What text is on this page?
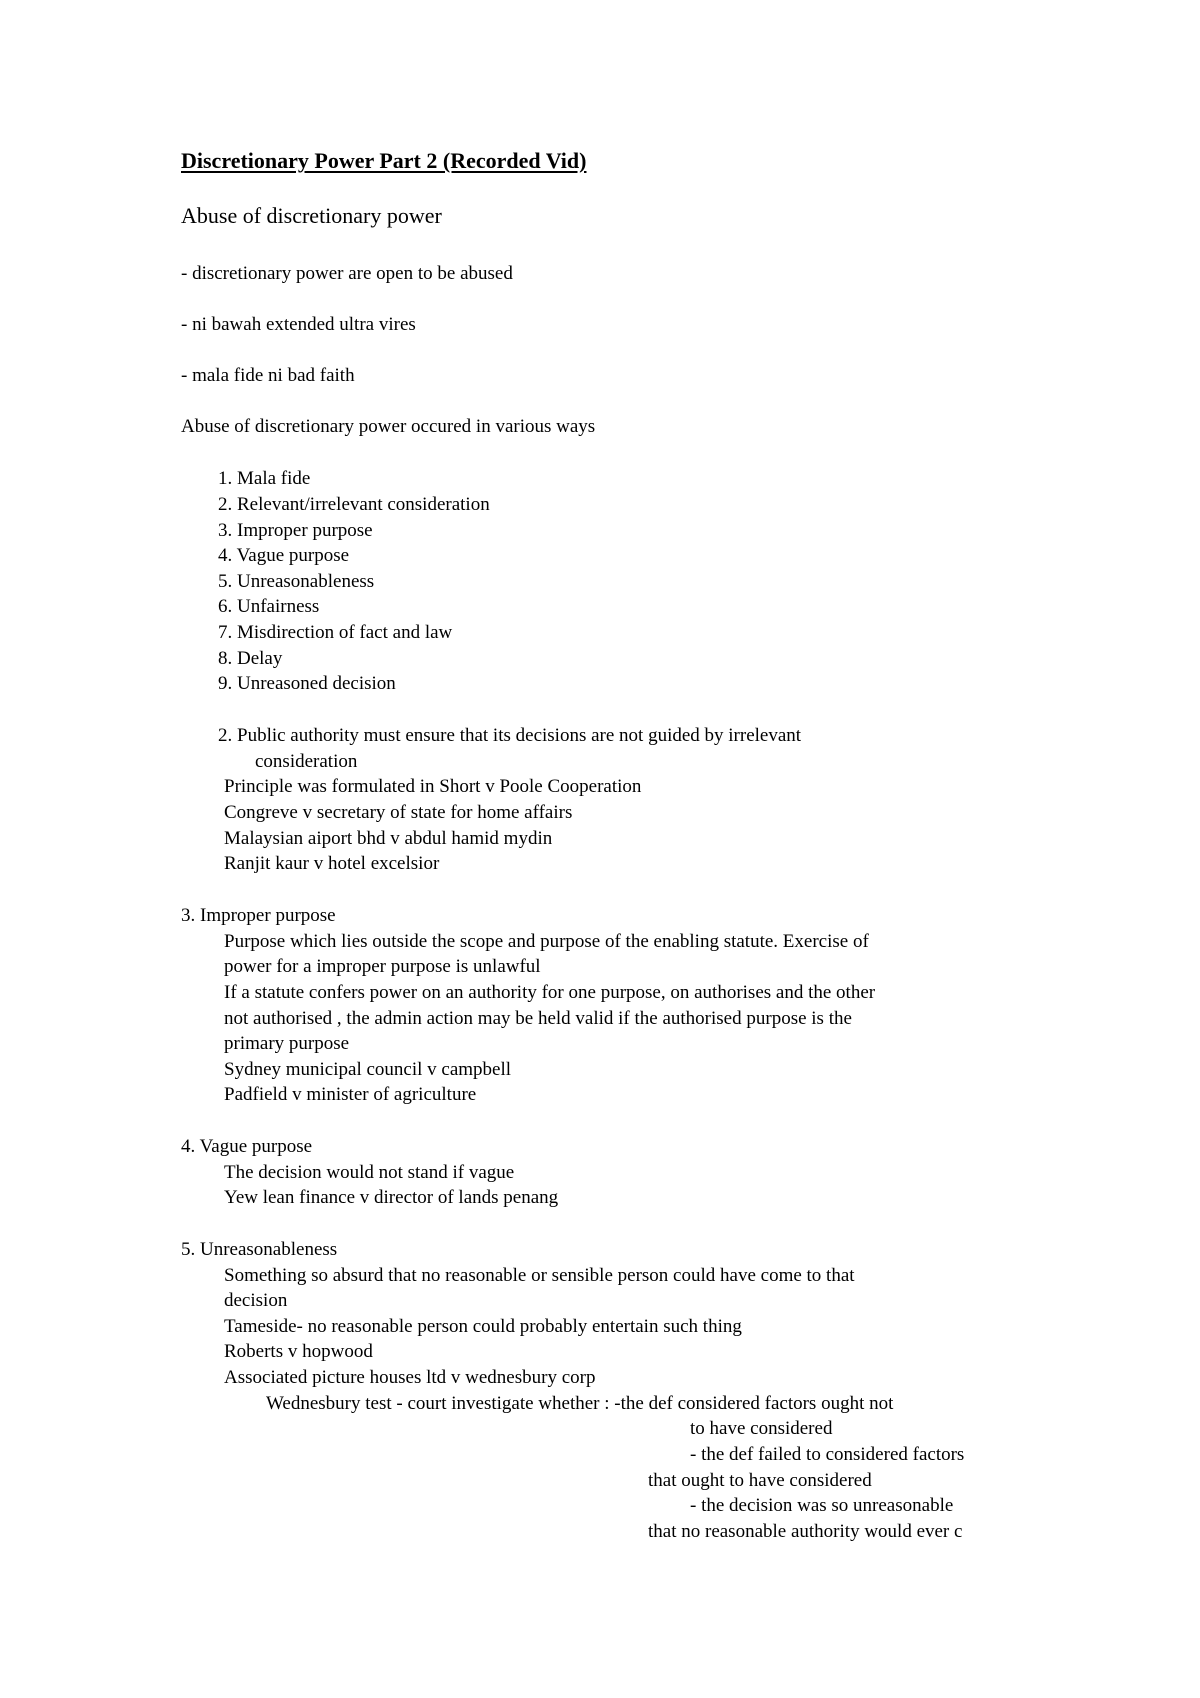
Discretionary Power Part 2 (Recorded Vid)
Abuse of discretionary power
- discretionary power are open to be abused
- ni bawah extended ultra vires
- mala fide ni bad faith
Abuse of discretionary power occured in various ways
1. Mala fide
2. Relevant/irrelevant consideration
3. Improper purpose
4. Vague purpose
5. Unreasonableness
6. Unfairness
7. Misdirection of fact and law
8. Delay
9. Unreasoned decision
2. Public authority must ensure that its decisions are not guided by irrelevant
consideration
Principle was formulated in Short v Poole Cooperation
Congreve v secretary of state for home affairs
Malaysian aiport bhd v abdul hamid mydin
Ranjit kaur v hotel excelsior
3. Improper purpose
Purpose which lies outside the scope and purpose of the enabling statute. Exercise of
power for a improper purpose is unlawful
If a statute confers power on an authority for one purpose, on authorises and the other
not authorised , the admin action may be held valid if the authorised purpose is the
primary purpose
Sydney municipal council v campbell
Padfield v minister of agriculture
4. Vague purpose
The decision would not stand if vague
Yew lean finance v director of lands penang
5. Unreasonableness
Something so absurd that no reasonable or sensible person could have come to that
decision
Tameside- no reasonable person could probably entertain such thing
Roberts v hopwood
Associated picture houses ltd v wednesbury corp
Wednesbury test - court investigate whether : -the def considered factors ought not
to have considered
- the def failed to considered factors
that ought to have considered
- the decision was so unreasonable
that no reasonable authority would ever c
